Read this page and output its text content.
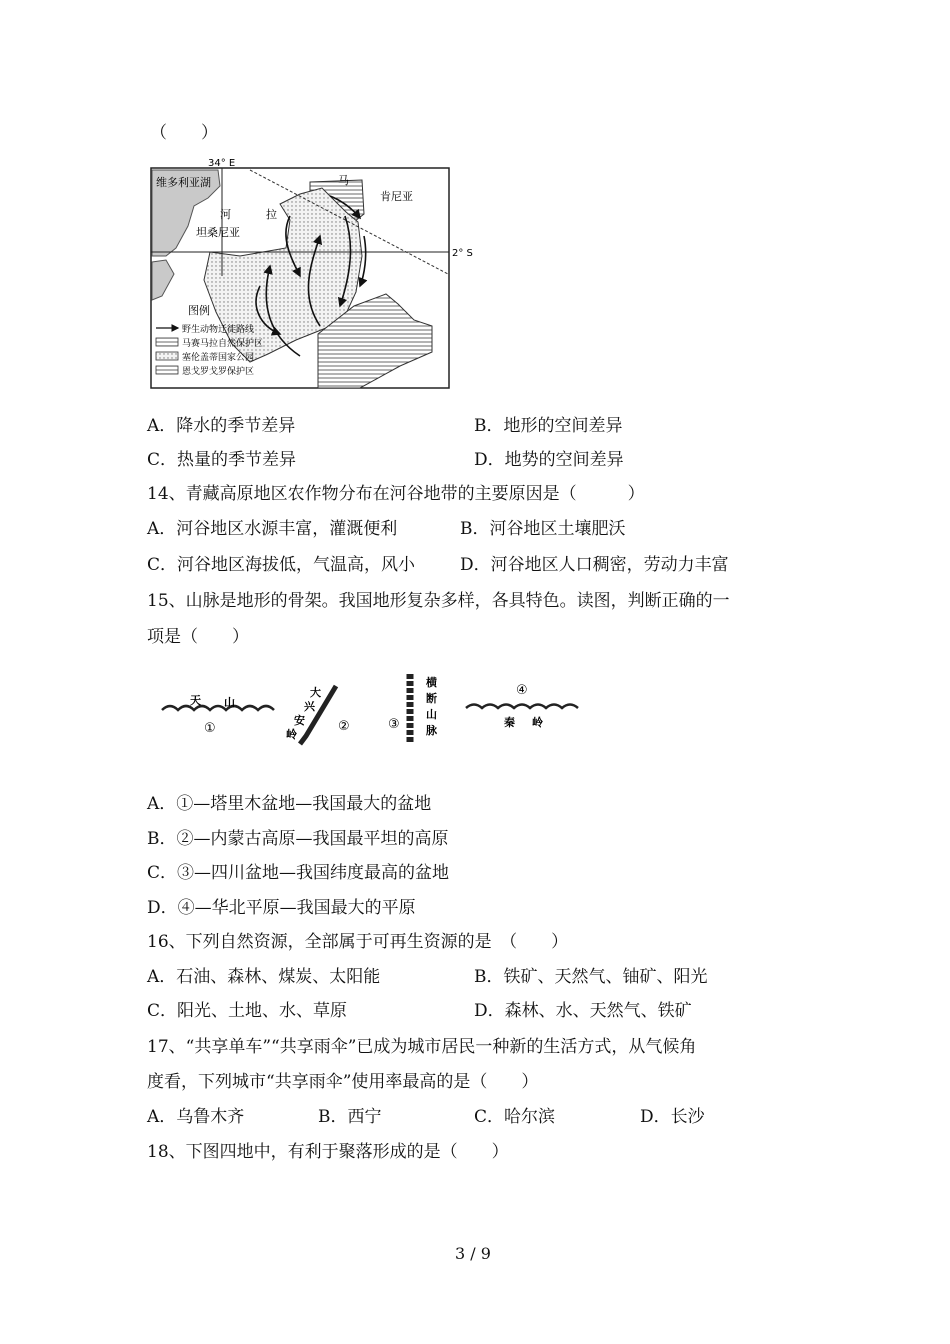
（　　）
34° E
2° S
维多利亚湖
肯尼亚
坦桑尼亚
河	拉
马
图例
野生动物迁徙路线
马赛马拉自然保护区
塞伦盖蒂国家公园
恩戈罗戈罗保护区
A．降水的季节差异	B．地形的空间差异
C．热量的季节差异	D．地势的空间差异
14、青藏高原地区农作物分布在河谷地带的主要原因是（　　　）
A．河谷地区水源丰富，灌溉便利	B．河谷地区土壤肥沃
C．河谷地区海拔低，气温高，风小	D．河谷地区人口稠密，劳动力丰富
15、山脉是地形的骨架。我国地形复杂多样，各具特色。读图，判断正确的一
项是（　　）
天 山
①
大
兴
安
岭
②
横
断
山
脉
③
④
秦 岭
A．①—塔里木盆地—我国最大的盆地
B．②—内蒙古高原—我国最平坦的高原
C．③—四川盆地—我国纬度最高的盆地
D．④—华北平原—我国最大的平原
16、下列自然资源，全部属于可再生资源的是　（　　）
A．石油、森林、煤炭、太阳能	B．铁矿、天然气、铀矿、阳光
C．阳光、土地、水、草原	D．森林、水、天然气、铁矿
17、“共享单车”“共享雨伞”已成为城市居民一种新的生活方式，从气候角
度看，下列城市“共享雨伞”使用率最高的是（　　）
A．乌鲁木齐	B．西宁	C．哈尔滨	D．长沙
18、下图四地中，有利于聚落形成的是（　　）
3 / 9
